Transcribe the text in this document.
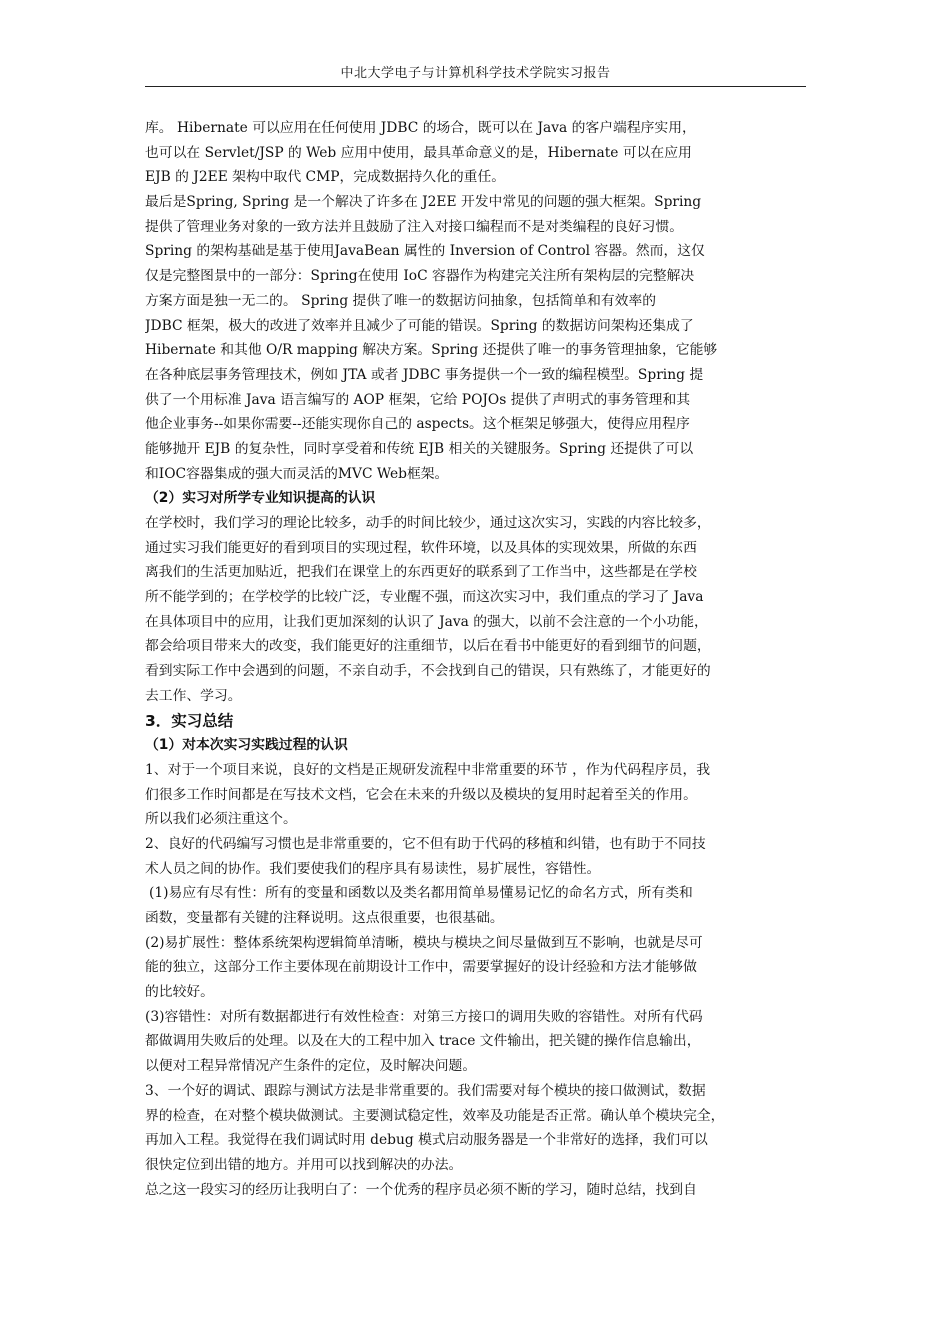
中北大学电子与计算机科学技术学院实习报告
库。 Hibernate 可以应用在任何使用 JDBC 的场合，既可以在 Java 的客户端程序实用，
也可以在 Servlet/JSP 的 Web 应用中使用，最具革命意义的是，Hibernate 可以在应用
EJB 的 J2EE 架构中取代 CMP，完成数据持久化的重任。
最后是Spring, Spring 是一个解决了许多在 J2EE 开发中常见的问题的强大框架。Spring
提供了管理业务对象的一致方法并且鼓励了注入对接口编程而不是对类编程的良好习惯。
Spring 的架构基础是基于使用JavaBean 属性的 Inversion of Control 容器。然而，这仅
仅是完整图景中的一部分：Spring在使用 IoC 容器作为构建完关注所有架构层的完整解决
方案方面是独一无二的。 Spring 提供了唯一的数据访问抽象，包括简单和有效率的
JDBC 框架，极大的改进了效率并且减少了可能的错误。Spring 的数据访问架构还集成了
Hibernate 和其他 O/R mapping 解决方案。Spring 还提供了唯一的事务管理抽象，它能够
在各种底层事务管理技术，例如 JTA 或者 JDBC 事务提供一个一致的编程模型。Spring 提
供了一个用标准 Java 语言编写的 AOP 框架，它给 POJOs 提供了声明式的事务管理和其
他企业事务--如果你需要--还能实现你自己的 aspects。这个框架足够强大，使得应用程序
能够抛开 EJB 的复杂性，同时享受着和传统 EJB 相关的关键服务。Spring 还提供了可以
和IOC容器集成的强大而灵活的MVC Web框架。
（2）实习对所学专业知识提高的认识
在学校时，我们学习的理论比较多，动手的时间比较少，通过这次实习，实践的内容比较多，
通过实习我们能更好的看到项目的实现过程，软件环境，以及具体的实现效果，所做的东西
离我们的生活更加贴近，把我们在课堂上的东西更好的联系到了工作当中，这些都是在学校
所不能学到的；在学校学的比较广泛，专业醒不强，而这次实习中，我们重点的学习了 Java
在具体项目中的应用，让我们更加深刻的认识了 Java 的强大，以前不会注意的一个小功能，
都会给项目带来大的改变，我们能更好的注重细节，以后在看书中能更好的看到细节的问题，
看到实际工作中会遇到的问题，不亲自动手，不会找到自己的错误，只有熟练了，才能更好的
去工作、学习。
3．实习总结
（1）对本次实习实践过程的认识
1、对于一个项目来说，良好的文档是正规研发流程中非常重要的环节 ，作为代码程序员，我
们很多工作时间都是在写技术文档，它会在未来的升级以及模块的复用时起着至关的作用。
所以我们必须注重这个。
2、良好的代码编写习惯也是非常重要的，它不但有助于代码的移植和纠错，也有助于不同技
术人员之间的协作。我们要使我们的程序具有易读性，易扩展性，容错性。
(1)易应有尽有性：所有的变量和函数以及类名都用简单易懂易记忆的命名方式，所有类和
函数，变量都有关键的注释说明。这点很重要，也很基础。
(2)易扩展性：整体系统架构逻辑简单清晰，模块与模块之间尽量做到互不影响，也就是尽可
能的独立，这部分工作主要体现在前期设计工作中，需要掌握好的设计经验和方法才能够做
的比较好。
(3)容错性：对所有数据都进行有效性检查：对第三方接口的调用失败的容错性。对所有代码
都做调用失败后的处理。以及在大的工程中加入 trace 文件输出，把关键的操作信息输出，
以便对工程异常情况产生条件的定位，及时解决问题。
3、一个好的调试、跟踪与测试方法是非常重要的。我们需要对每个模块的接口做测试，数据
界的检查，在对整个模块做测试。主要测试稳定性，效率及功能是否正常。确认单个模块完全，
再加入工程。我觉得在我们调试时用 debug 模式启动服务器是一个非常好的选择，我们可以
很快定位到出错的地方。并用可以找到解决的办法。
总之这一段实习的经历让我明白了：一个优秀的程序员必须不断的学习，随时总结，找到自
